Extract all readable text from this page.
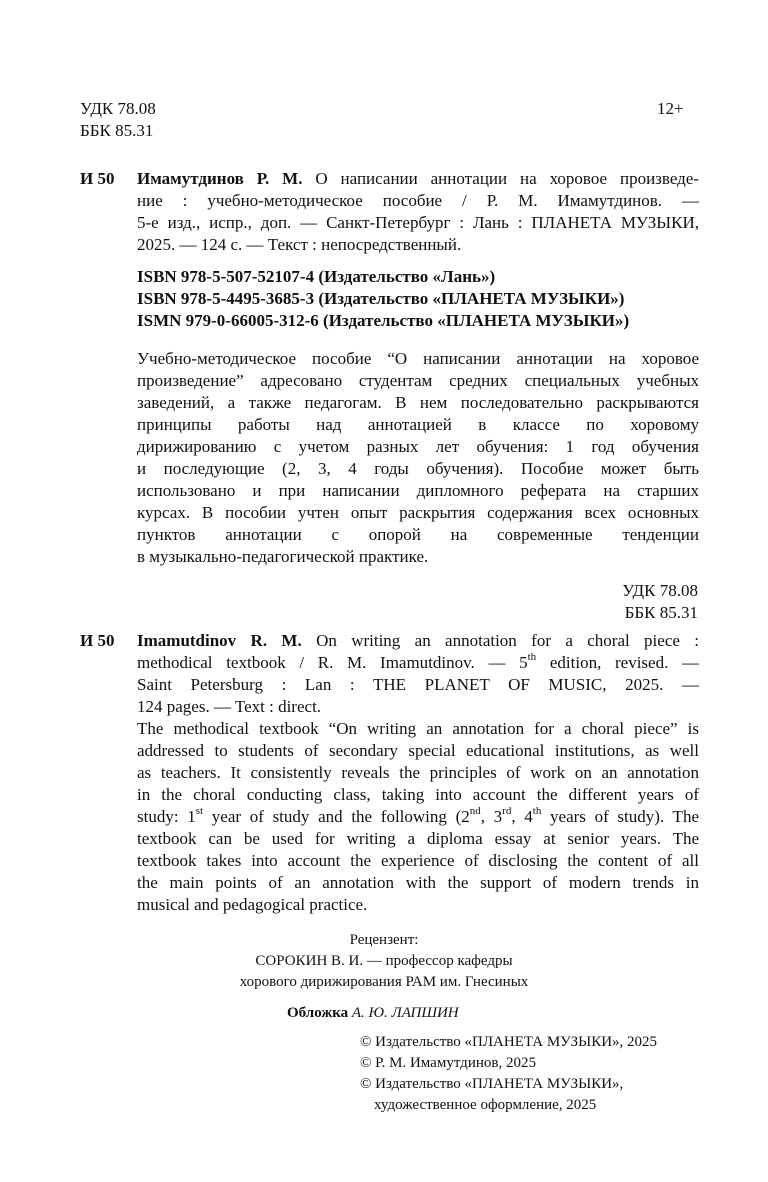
УДК 78.08
ББК 85.31
12+
И 50 Имамутдинов Р. М. О написании аннотации на хоровое произведе-
ние : учебно-методическое пособие / Р. М. Имамутдинов. —
5-е изд., испр., доп. — Санкт-Петербург : Лань : ПЛАНЕТА МУЗЫКИ,
2025. — 124 с. — Текст : непосредственный.
ISBN 978-5-507-52107-4 (Издательство «Лань»)
ISBN 978-5-4495-3685-3 (Издательство «ПЛАНЕТА МУЗЫКИ»)
ISMN 979-0-66005-312-6 (Издательство «ПЛАНЕТА МУЗЫКИ»)
Учебно-методическое пособие “О написании аннотации на хоровое
произведение” адресовано студентам средних специальных учебных
заведений, а также педагогам. В нем последовательно раскрываются
принципы работы над аннотацией в классе по хоровому
дирижированию с учетом разных лет обучения: 1 год обучения
и последующие (2, 3, 4 годы обучения). Пособие может быть
использовано и при написании дипломного реферата на старших
курсах. В пособии учтен опыт раскрытия содержания всех основных
пунктов аннотации с опорой на современные тенденции
в музыкально-педагогической практике.
УДК 78.08
ББК 85.31
И 50 Imamutdinov R. M. On writing an annotation for a choral piece :
methodical textbook / R. M. Imamutdinov. — 5th edition, revised. —
Saint Petersburg : Lan : THE PLANET OF MUSIC, 2025. —
124 pages. — Text : direct.
The methodical textbook “On writing an annotation for a choral piece” is
addressed to students of secondary special educational institutions, as well
as teachers. It consistently reveals the principles of work on an annotation
in the choral conducting class, taking into account the different years of
study: 1st year of study and the following (2nd, 3rd, 4th years of study). The
textbook can be used for writing a diploma essay at senior years. The
textbook takes into account the experience of disclosing the content of all
the main points of an annotation with the support of modern trends in
musical and pedagogical practice.
Рецензент:
СОРОКИН В. И. — профессор кафедры
хорового дирижирования РАМ им. Гнесиных
Обложка А. Ю. ЛАПШИН
© Издательство «ПЛАНЕТА МУЗЫКИ», 2025
© Р. М. Имамутдинов, 2025
© Издательство «ПЛАНЕТА МУЗЫКИ»,
художественное оформление, 2025
